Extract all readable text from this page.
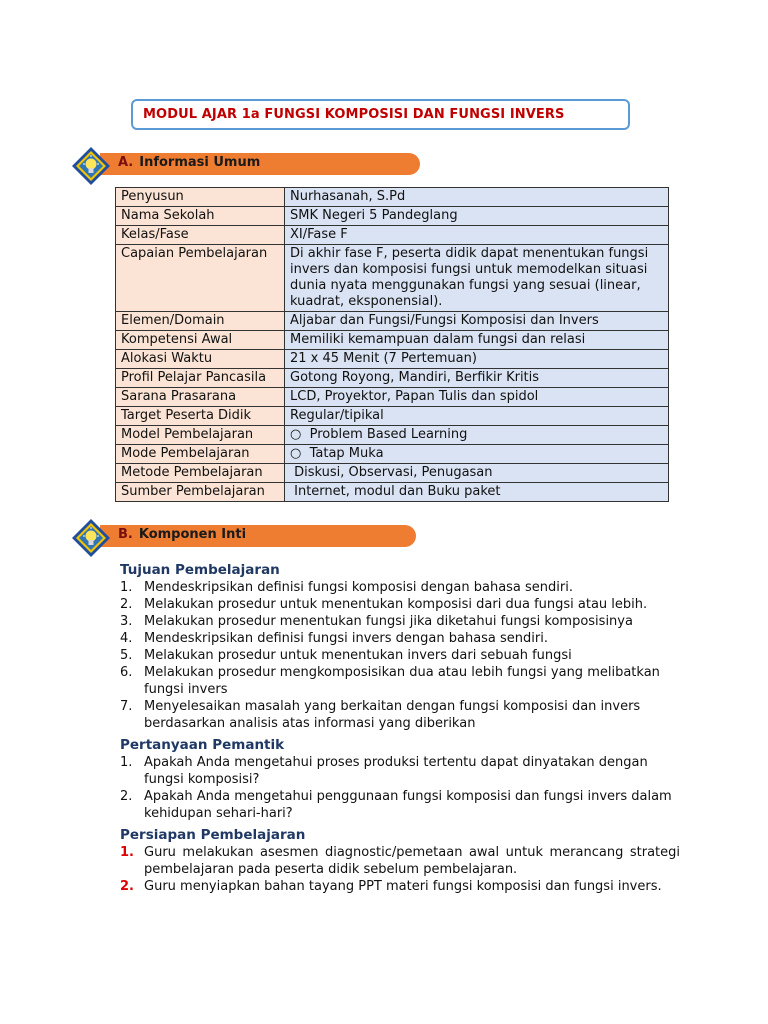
MODUL AJAR 1a FUNGSI KOMPOSISI DAN FUNGSI INVERS
A. Informasi Umum
Penyusun	Nurhasanah, S.Pd
Nama Sekolah	SMK Negeri 5 Pandeglang
Kelas/Fase	XI/Fase F
Capaian Pembelajaran	Di akhir fase F, peserta didik dapat menentukan fungsi invers dan komposisi fungsi untuk memodelkan situasi dunia nyata menggunakan fungsi yang sesuai (linear, kuadrat, eksponensial).
Elemen/Domain	Aljabar dan Fungsi/Fungsi Komposisi dan Invers
Kompetensi Awal	Memiliki kemampuan dalam fungsi dan relasi
Alokasi Waktu	21 x 45 Menit (7 Pertemuan)
Profil Pelajar Pancasila	Gotong Royong, Mandiri, Berfikir Kritis
Sarana Prasarana	LCD, Proyektor, Papan Tulis dan spidol
Target Peserta Didik	Regular/tipikal
Model Pembelajaran	○  Problem Based Learning
Mode Pembelajaran	○  Tatap Muka
Metode Pembelajaran	Diskusi, Observasi, Penugasan
Sumber Pembelajaran	Internet, modul dan Buku paket
B. Komponen Inti
Tujuan Pembelajaran
1. Mendeskripsikan definisi fungsi komposisi dengan bahasa sendiri.
2. Melakukan prosedur untuk menentukan komposisi dari dua fungsi atau lebih.
3. Melakukan prosedur menentukan fungsi jika diketahui fungsi komposisinya
4. Mendeskripsikan definisi fungsi invers dengan bahasa sendiri.
5. Melakukan prosedur untuk menentukan invers dari sebuah fungsi
6. Melakukan prosedur mengkomposisikan dua atau lebih fungsi yang melibatkan fungsi invers
7. Menyelesaikan masalah yang berkaitan dengan fungsi komposisi dan invers berdasarkan analisis atas informasi yang diberikan
Pertanyaan Pemantik
1. Apakah Anda mengetahui proses produksi tertentu dapat dinyatakan dengan fungsi komposisi?
2. Apakah Anda mengetahui penggunaan fungsi komposisi dan fungsi invers dalam kehidupan sehari-hari?
Persiapan Pembelajaran
1. Guru melakukan asesmen diagnostic/pemetaan awal untuk merancang strategi pembelajaran pada peserta didik sebelum pembelajaran.
2. Guru menyiapkan bahan tayang PPT materi fungsi komposisi dan fungsi invers.
